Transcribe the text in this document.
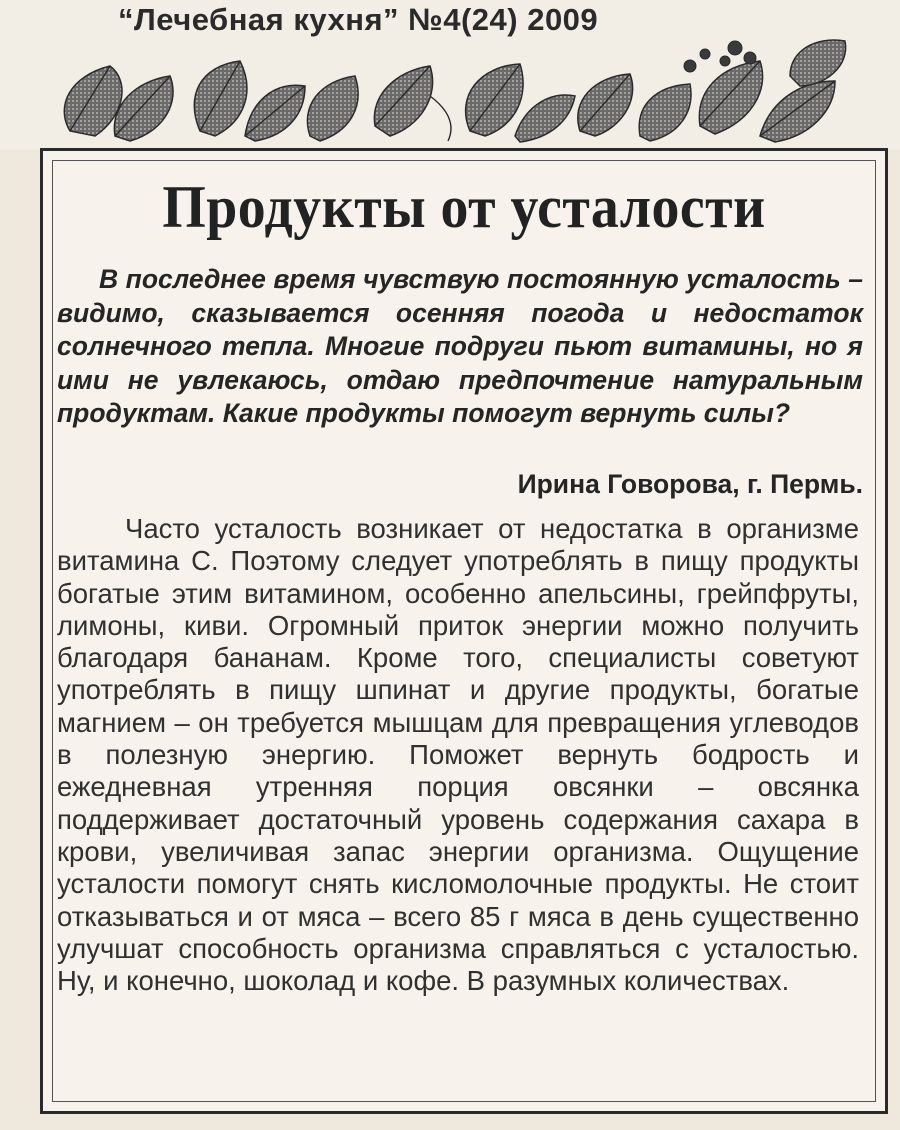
“Лечебная кухня” №4(24) 2009
Продукты от усталости
В последнее время чувствую постоянную усталость – видимо, сказывается осенняя погода и недостаток солнечного тепла. Многие подруги пьют витамины, но я ими не увлекаюсь, отдаю предпочтение натуральным продуктам. Какие продукты помогут вернуть силы?
Ирина Говорова, г. Пермь.
Часто усталость возникает от недостатка в организме витамина С. Поэтому следует употреблять в пищу продукты богатые этим витамином, особенно апельсины, грейпфруты, лимоны, киви. Огромный приток энергии можно получить благодаря бананам. Кроме того, специалисты советуют употреблять в пищу шпинат и другие продукты, богатые магнием – он требуется мышцам для превращения углеводов в полезную энергию. Поможет вернуть бодрость и ежедневная утренняя порция овсянки – овсянка поддерживает достаточный уровень содержания сахара в крови, увеличивая запас энергии организма. Ощущение усталости помогут снять кисломолочные продукты. Не стоит отказываться и от мяса – всего 85 г мяса в день существенно улучшат способность организма справляться с усталостью. Ну, и конечно, шоколад и кофе. В разумных количествах.
